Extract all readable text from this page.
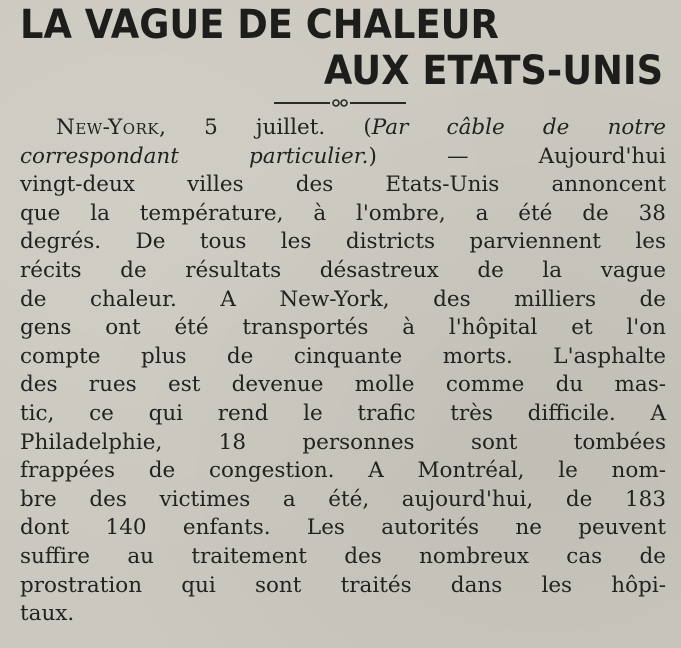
LA VAGUE DE CHALEUR
AUX ETATS-UNIS
New-York, 5 juillet. (Par câble de notre
correspondant particulier.) — Aujourd'hui
vingt-deux villes des Etats-Unis annoncent
que la température, à l'ombre, a été de 38
degrés. De tous les districts parviennent les
récits de résultats désastreux de la vague
de chaleur. A New-York, des milliers de
gens ont été transportés à l'hôpital et l'on
compte plus de cinquante morts. L'asphalte
des rues est devenue molle comme du mas-
tic, ce qui rend le trafic très difficile. A
Philadelphie, 18 personnes sont tombées
frappées de congestion. A Montréal, le nom-
bre des victimes a été, aujourd'hui, de 183
dont 140 enfants. Les autorités ne peuvent
suffire au traitement des nombreux cas de
prostration qui sont traités dans les hôpi-
taux.
